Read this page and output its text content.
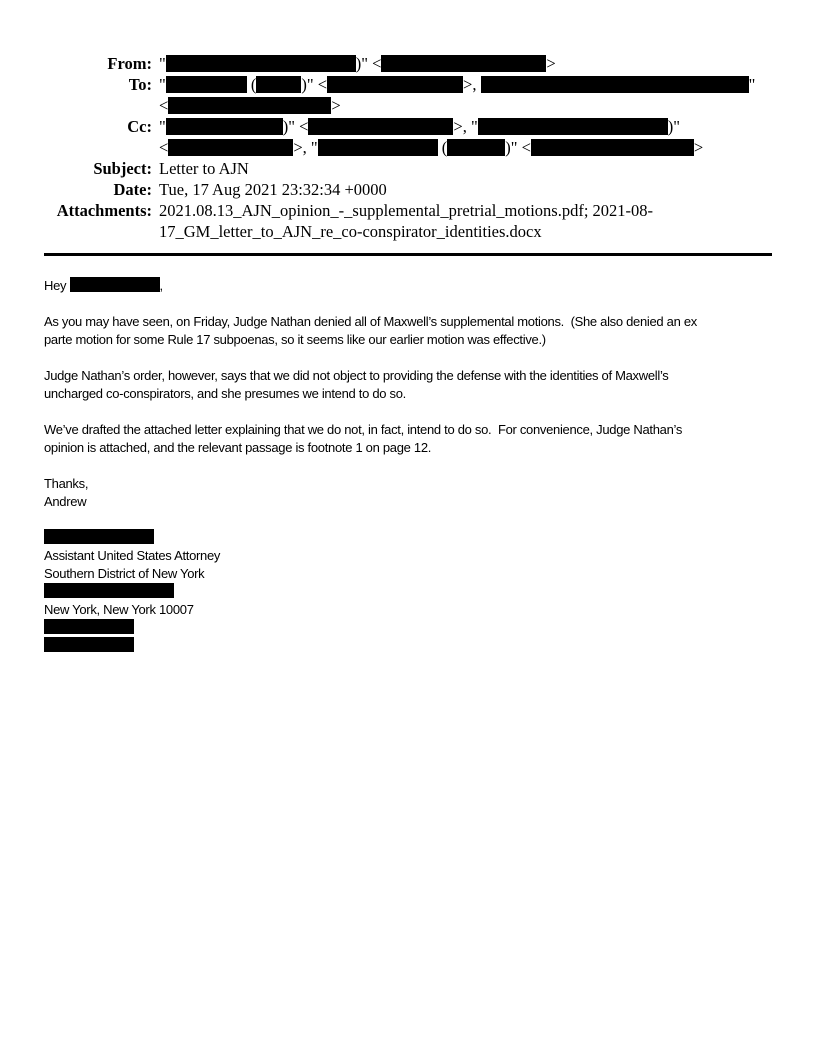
From: "	)" <	>
To: "	(	)" <	>,	"
<	>
Cc: "	)" <	>, "	)"
<	>, "	(	)" <	>
Subject: Letter to AJN
Date: Tue, 17 Aug 2021 23:32:34 +0000
Attachments: 2021.08.13_AJN_opinion_-_supplemental_pretrial_motions.pdf; 2021-08-
17_GM_letter_to_AJN_re_co-conspirator_identities.docx
Hey	,
As you may have seen, on Friday, Judge Nathan denied all of Maxwell’s supplemental motions.  (She also denied an ex
parte motion for some Rule 17 subpoenas, so it seems like our earlier motion was effective.)
Judge Nathan’s order, however, says that we did not object to providing the defense with the identities of Maxwell’s
uncharged co-conspirators, and she presumes we intend to do so.
We’ve drafted the attached letter explaining that we do not, in fact, intend to do so.  For convenience, Judge Nathan’s
opinion is attached, and the relevant passage is footnote 1 on page 12.
Thanks,
Andrew
Assistant United States Attorney
Southern District of New York
New York, New York 10007
